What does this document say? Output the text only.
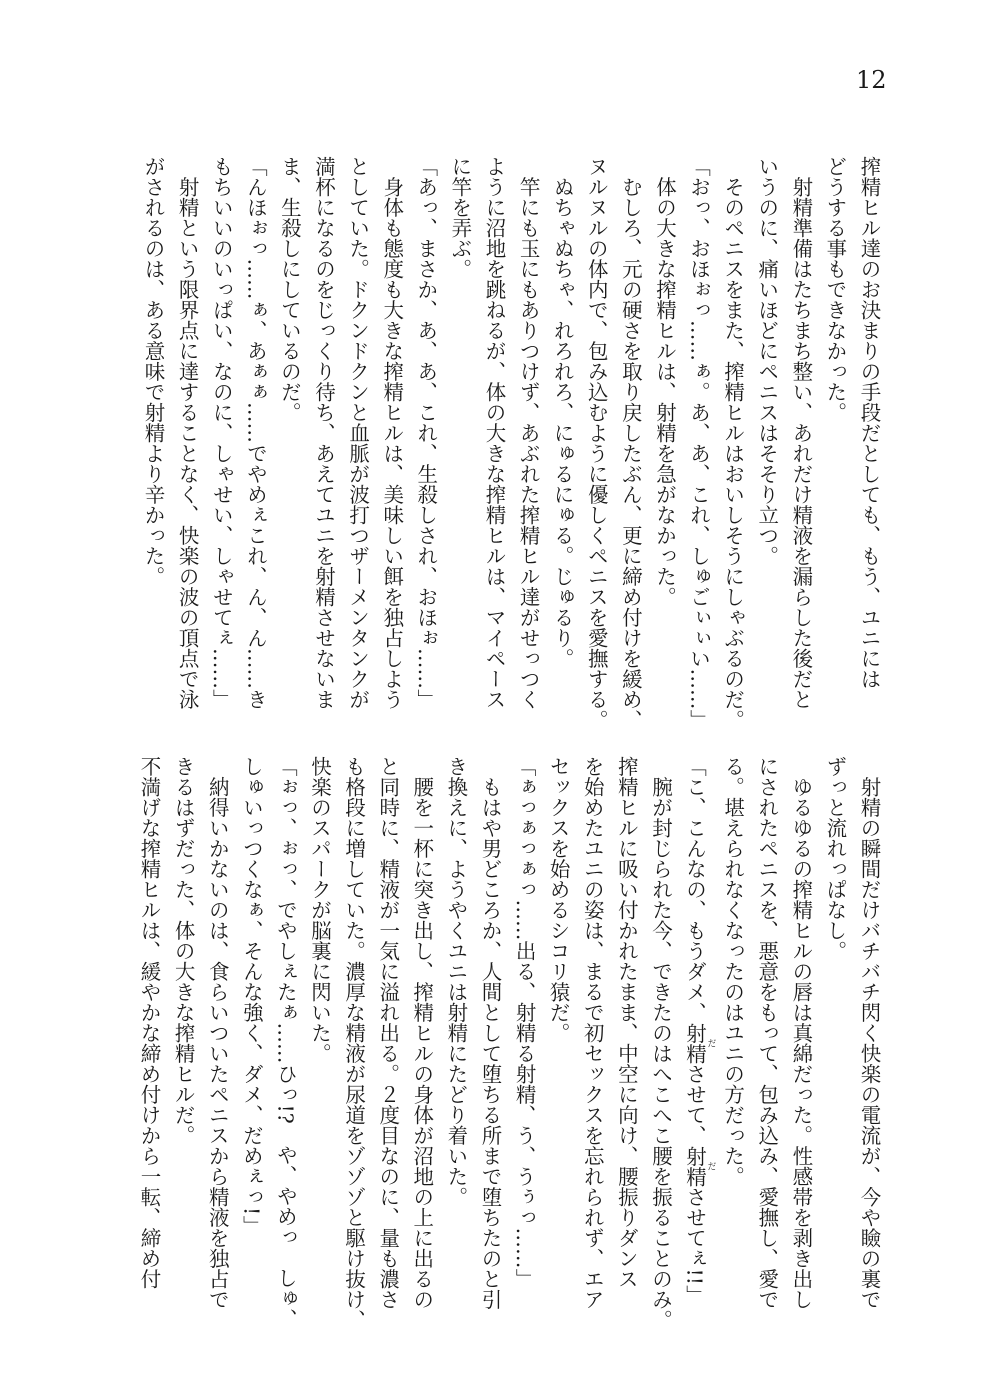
12
搾精ヒル達のお決まりの手段だとしても、もう、ユニには
どうする事もできなかった。
　射精準備はたちまち整い、あれだけ精液を漏らした後だと
いうのに、痛いほどにペニスはそそり立つ。
　そのペニスをまた、搾精ヒルはおいしそうにしゃぶるのだ。
「おっ、おほぉっ……ぁ。あ、あ、これ、しゅごぃぃい……」
　体の大きな搾精ヒルは、射精を急がなかった。
　むしろ、元の硬さを取り戻したぶん、更に締め付けを緩め、
ヌルヌルの体内で、包み込むように優しくペニスを愛撫する。
　ぬちゃぬちゃ、れろれろ、にゅるにゅる。じゅるり。
　竿にも玉にもありつけず、あぶれた搾精ヒル達がせっつく
ように沼地を跳ねるが、体の大きな搾精ヒルは、マイペース
に竿を弄ぶ。
「あっ、まさか、あ、あ、これ、生殺しされ、おほぉ……」
　身体も態度も大きな搾精ヒルは、美味しい餌を独占しよう
としていた。ドクンドクンと血脈が波打つザーメンタンクが
満杯になるのをじっくり待ち、あえてユニを射精させないま
ま、生殺しにしているのだ。
「んほぉっ……ぁ、あぁぁ……でやめぇこれ、ん、ん……き
もちいいのいっぱい、なのに、しゃせい、しゃせてぇ……」
　射精という限界点に達することなく、快楽の波の頂点で泳
がされるのは、ある意味で射精より辛かった。
　射精の瞬間だけバチバチ閃く快楽の電流が、今や瞼の裏で
ずっと流れっぱなし。
　ゆるゆるの搾精ヒルの唇は真綿だった。性感帯を剥き出し
にされたペニスを、悪意をもって、包み込み、愛撫し、愛で
る。堪えられなくなったのはユニの方だった。
「こ、こんなの、もうダメ、射精 ださせて、射精 ださせてぇ!!」
　腕が封じられた今、できたのはへこへこ腰を振ることのみ。
搾精ヒルに吸い付かれたまま、中空に向け、腰振りダンス
を始めたユニの姿は、まるで初セックスを忘れられず、エア
セックスを始めるシコリ猿だ。
「ぁっぁっぁっ……出る、射精る射精、う、うぅっ……」
　もはや男どころか、人間として堕ちる所まで堕ちたのと引
き換えに、ようやくユニは射精にたどり着いた。
　腰を一杯に突き出し、搾精ヒルの身体が沼地の上に出るの
と同時に、精液が一気に溢れ出る。２度目なのに、量も濃さ
も格段に増していた。濃厚な精液が尿道をゾゾゾと駆け抜け、
快楽のスパークが脳裏に閃いた。
「ぉっ、ぉっ、でやしぇたぁ……ひっ!?　や、やめっ　しゅ、
しゅいっつくなぁ、そんな強く、ダメ、だめぇっ!」
　納得いかないのは、食らいついたペニスから精液を独占で
きるはずだった、体の大きな搾精ヒルだ。
不満げな搾精ヒルは、緩やかな締め付けから一転、締め付
